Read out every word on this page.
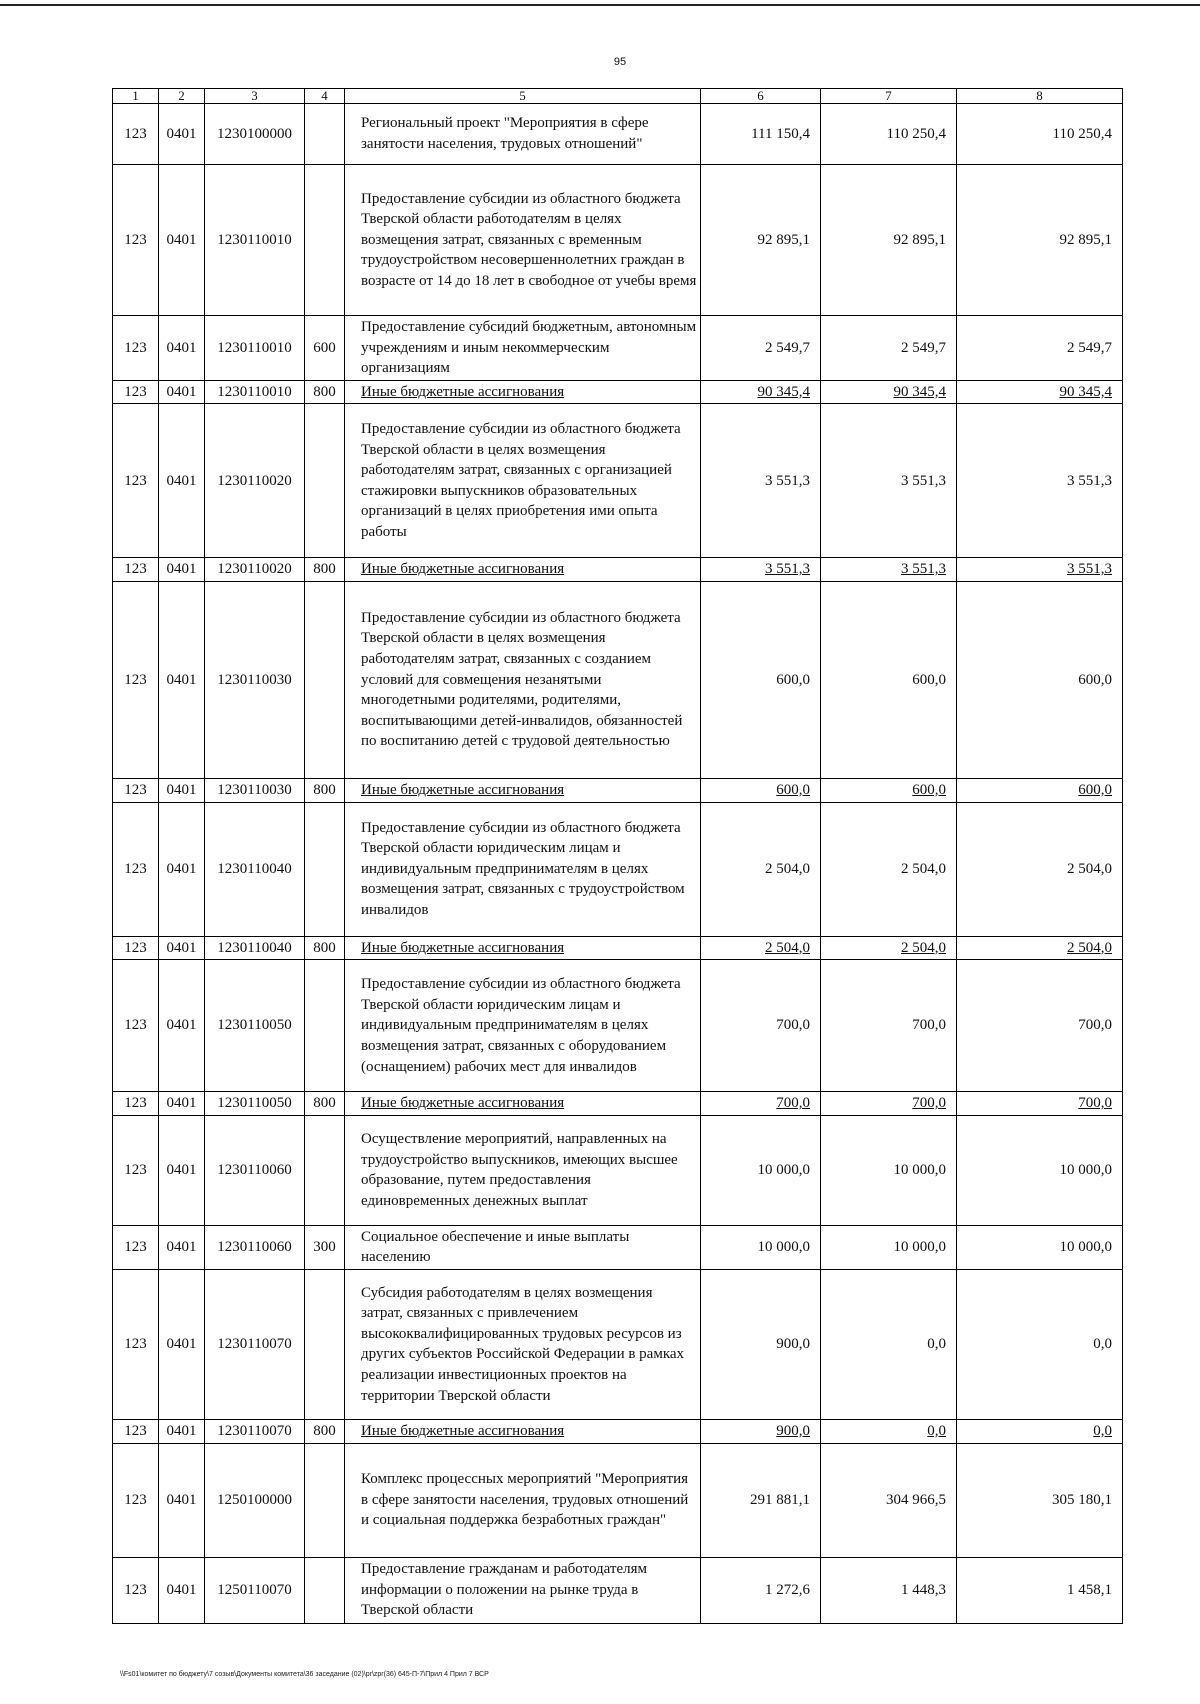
95
1	2	3	4	5	6	7	8
123	0401	1230100000		Региональный проект "Мероприятия в сфере занятости населения, трудовых отношений"	111 150,4	110 250,4	110 250,4
123	0401	1230110010		Предоставление субсидии из областного бюджета Тверской области работодателям в целях возмещения затрат, связанных с временным трудоустройством несовершеннолетних граждан в возрасте от 14 до 18 лет в свободное от учебы время	92 895,1	92 895,1	92 895,1
123	0401	1230110010	600	Предоставление субсидий бюджетным, автономным учреждениям и иным некоммерческим организациям	2 549,7	2 549,7	2 549,7
123	0401	1230110010	800	Иные бюджетные ассигнования	90 345,4	90 345,4	90 345,4
123	0401	1230110020		Предоставление субсидии из областного бюджета Тверской области в целях возмещения работодателям затрат, связанных с организацией стажировки выпускников образовательных организаций в целях приобретения ими опыта работы	3 551,3	3 551,3	3 551,3
123	0401	1230110020	800	Иные бюджетные ассигнования	3 551,3	3 551,3	3 551,3
123	0401	1230110030		Предоставление субсидии из областного бюджета Тверской области в целях возмещения работодателям затрат, связанных с созданием условий для совмещения незанятыми многодетными родителями, родителями, воспитывающими детей-инвалидов, обязанностей по воспитанию детей с трудовой деятельностью	600,0	600,0	600,0
123	0401	1230110030	800	Иные бюджетные ассигнования	600,0	600,0	600,0
123	0401	1230110040		Предоставление субсидии из областного бюджета Тверской области юридическим лицам и индивидуальным предпринимателям в целях возмещения затрат, связанных с трудоустройством инвалидов	2 504,0	2 504,0	2 504,0
123	0401	1230110040	800	Иные бюджетные ассигнования	2 504,0	2 504,0	2 504,0
123	0401	1230110050		Предоставление субсидии из областного бюджета Тверской области юридическим лицам и индивидуальным предпринимателям в целях возмещения затрат, связанных с оборудованием (оснащением) рабочих мест для инвалидов	700,0	700,0	700,0
123	0401	1230110050	800	Иные бюджетные ассигнования	700,0	700,0	700,0
123	0401	1230110060		Осуществление мероприятий, направленных на трудоустройство выпускников, имеющих высшее образование, путем предоставления единовременных денежных выплат	10 000,0	10 000,0	10 000,0
123	0401	1230110060	300	Социальное обеспечение и иные выплаты населению	10 000,0	10 000,0	10 000,0
123	0401	1230110070		Субсидия работодателям в целях возмещения затрат, связанных с привлечением высококвалифицированных трудовых ресурсов из других субъектов Российской Федерации в рамках реализации инвестиционных проектов на территории Тверской области	900,0	0,0	0,0
123	0401	1230110070	800	Иные бюджетные ассигнования	900,0	0,0	0,0
123	0401	1250100000		Комплекс процессных мероприятий "Мероприятия в сфере занятости населения, трудовых отношений и социальная поддержка безработных граждан"	291 881,1	304 966,5	305 180,1
123	0401	1250110070		Предоставление гражданам и работодателям информации о положении на рынке труда в Тверской области	1 272,6	1 448,3	1 458,1
\\Fs01\комитет по бюджету\7 созыв\Документы комитета\36 заседание (02)\pr\zpr(36) 645-П-7\Прил 4 Прил 7 ВСР
